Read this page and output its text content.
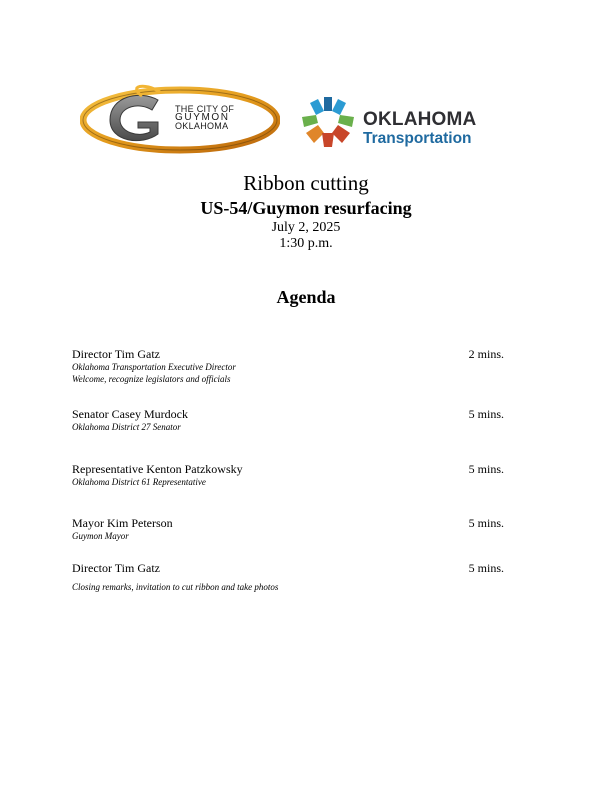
THE CITY OF
GUYMON
OKLAHOMA	OKLAHOMA
Transportation
Ribbon cutting
US-54/Guymon resurfacing
July 2, 2025
1:30 p.m.
Agenda
Director Tim Gatz	2 mins.
Oklahoma Transportation Executive Director
Welcome, recognize legislators and officials
Senator Casey Murdock	5 mins.
Oklahoma District 27 Senator
Representative Kenton Patzkowsky	5 mins.
Oklahoma District 61 Representative
Mayor Kim Peterson	5 mins.
Guymon Mayor
Director Tim Gatz	5 mins.
Closing remarks, invitation to cut ribbon and take photos
